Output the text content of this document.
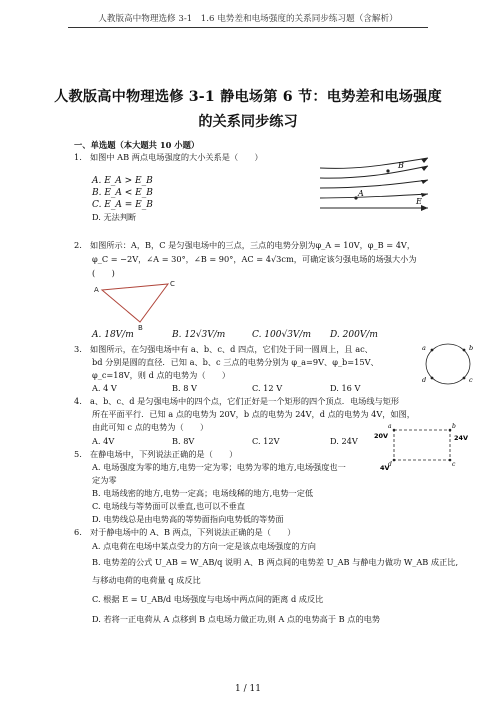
人教版高中物理选修 3-1　1.6 电势差和电场强度的关系同步练习题（含解析）
人教版高中物理选修 3-1 静电场第 6 节：电势差和电场强度
的关系同步练习
一、单选题（本大题共 10 小题）
1.　如图中 AB 两点电场强度的大小关系是（　　）
A. E_A > E_B
B. E_A < E_B
C. E_A = E_B
D. 无法判断
B
A
E
2.　如图所示：A，B，C 是匀强电场中的三点，三点的电势分别为φ_A = 10V，φ_B = 4V，
φ_C = −2V，∠A = 30°，∠B = 90°，AC = 4√3cm，可确定该匀强电场的场强大小为
(　　)
A
C
B
A. 18V/m	B. 12√3V/m	C. 100√3V/m D. 200V/m
3.　如图所示，在匀强电场中有 a、b、c、d 四点，它们处于同一圆周上，且 ac、
bd 分别是圆的直径．已知 a、b、c 三点的电势分别为 φ_a=9V、φ_b=15V、
φ_c=18V，则 d 点的电势为（　　）
a	b
c
d
A. 4 V	B. 8 V	C. 12 V	D. 16 V
4.　a、b、c、d 是匀强电场中的四个点，它们正好是一个矩形的四个顶点．电场线与矩形
所在平面平行．已知 a 点的电势为 20V，b 点的电势为 24V，d 点的电势为 4V，如图，
由此可知 c 点的电势为（　　）	a	b
c
d
20V	24V
4V
A. 4V	B. 8V	C. 12V	D. 24V
5.　在静电场中，下列说法正确的是（　　）
A. 电场强度为零的地方,电势一定为零；电势为零的地方,电场强度也一
定为零
B. 电场线密的地方,电势一定高；电场线稀的地方,电势一定低
C. 电场线与等势面可以垂直,也可以不垂直
D. 电势线总是由电势高的等势面指向电势低的等势面
6.　对于静电场中的 A、B 两点，下列说法正确的是（　　）
A. 点电荷在电场中某点受力的方向一定是该点电场强度的方向
B. 电势差的公式 U_AB = W_AB/q 说明 A、B 两点间的电势差 U_AB 与静电力做功 W_AB 成正比,
与移动电荷的电荷量 q 成反比
C. 根据 E = U_AB/d 电场强度与电场中两点间的距离 d 成反比
D. 若将一正电荷从 A 点移到 B 点电场力做正功,则 A 点的电势高于 B 点的电势
1 / 11
